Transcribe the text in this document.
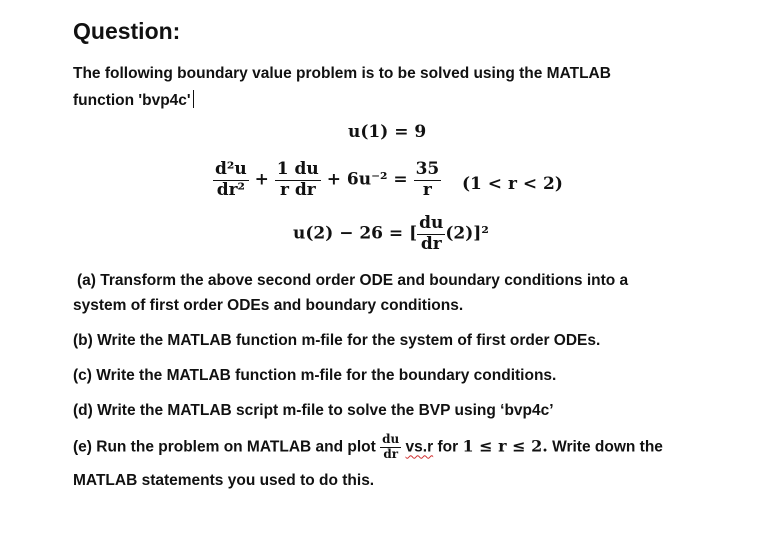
Question:
The following boundary value problem is to be solved using the MATLAB
function 'bvp4c'
u(1) = 9
$\frac{\text{d²u}}{\text{dr²}} + \frac{1 du}{\text{r dr}} + 6u^{-2} = \frac{35}{r} (1 < r < 2)$
u(2) − 26 = [ $\frac{du}{dr} (2)]^2$
(a) Transform the above second order ODE and boundary conditions into a
system of first order ODEs and boundary conditions.
(b) Write the MATLAB function m-file for the system of first order ODEs.
(c) Write the MATLAB function m-file for the boundary conditions.
(d) Write the MATLAB script m-file to solve the BVP using ‘bvp4c’
(e) Run the problem on MATLAB and plot $\frac{du}{dr} vs.r$ for 1 ≤ r ≤ 2. Write down the
MATLAB statements you used to do this.
